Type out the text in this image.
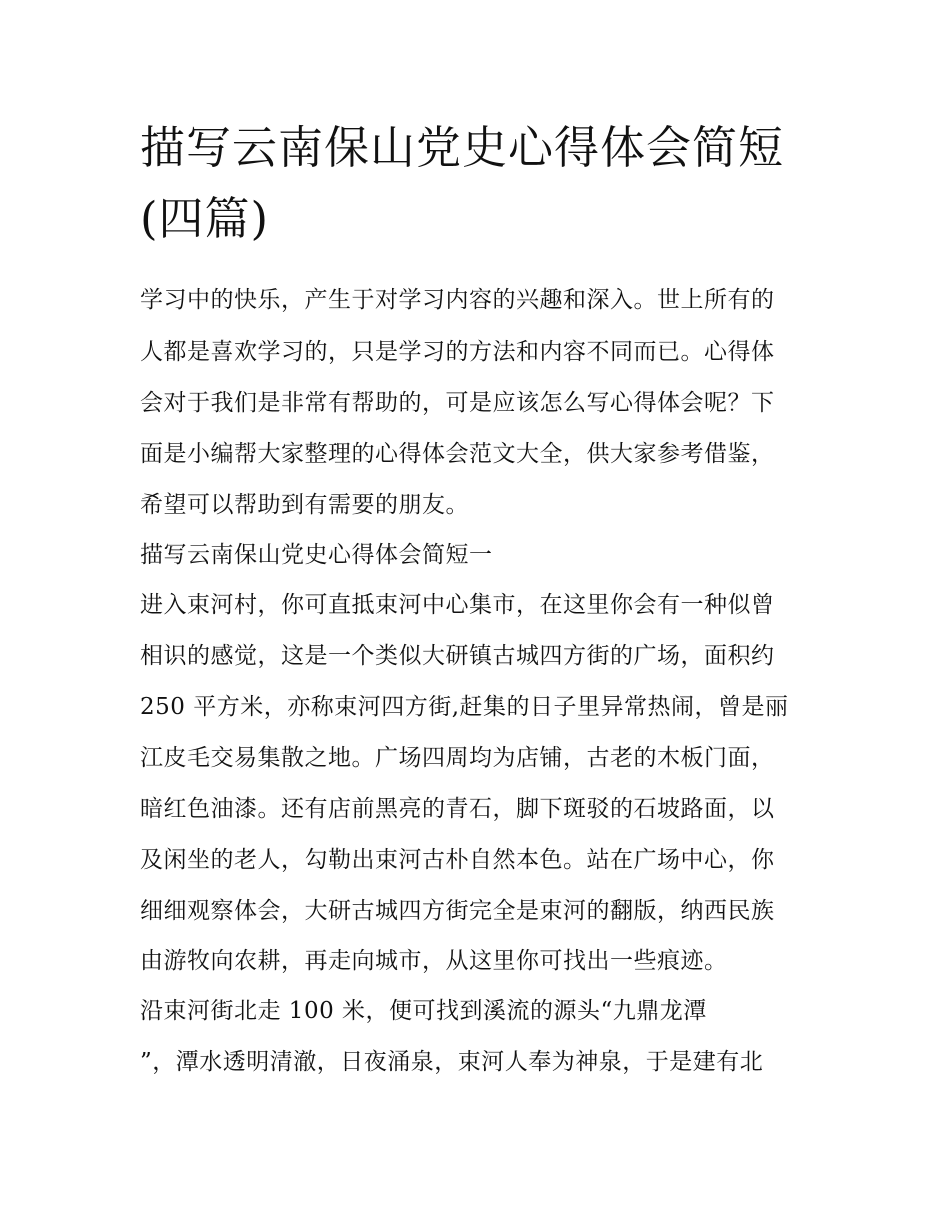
描写云南保山党史心得体会简短(四篇)

学习中的快乐，产生于对学习内容的兴趣和深入。世上所有的

人都是喜欢学习的，只是学习的方法和内容不同而已。心得体

会对于我们是非常有帮助的，可是应该怎么写心得体会呢？下

面是小编帮大家整理的心得体会范文大全，供大家参考借鉴，

希望可以帮助到有需要的朋友。

描写云南保山党史心得体会简短一

进入束河村，你可直抵束河中心集市，在这里你会有一种似曾

相识的感觉，这是一个类似大研镇古城四方街的广场，面积约

250 平方米，亦称束河四方街,赶集的日子里异常热闹，曾是丽

江皮毛交易集散之地。广场四周均为店铺，古老的木板门面，

暗红色油漆。还有店前黑亮的青石，脚下斑驳的石坡路面，以

及闲坐的老人，勾勒出束河古朴自然本色。站在广场中心，你

细细观察体会，大研古城四方街完全是束河的翻版，纳西民族

由游牧向农耕，再走向城市，从这里你可找出一些痕迹。

沿束河街北走 100 米，便可找到溪流的源头“九鼎龙潭

”，潭水透明清澈，日夜涌泉，束河人奉为神泉，于是建有北
